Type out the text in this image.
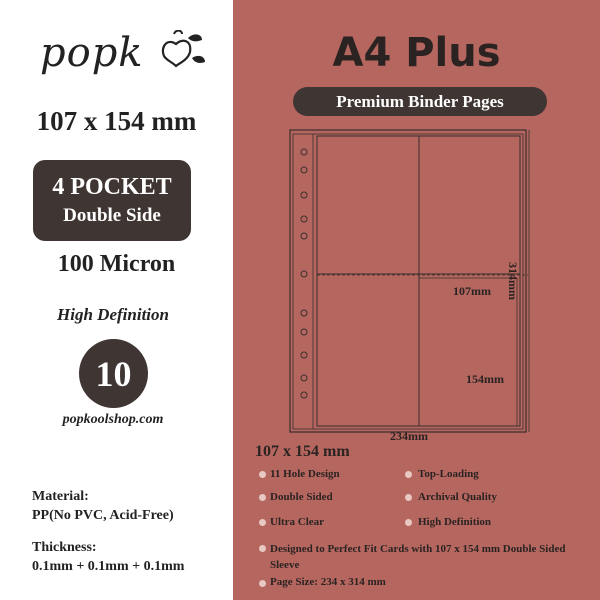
popk
107 x 154 mm
4 POCKET
Double Side
100 Micron
High Definition
10
popkoolshop.com
Material:
PP(No PVC, Acid-Free)
Thickness:
0.1mm + 0.1mm + 0.1mm
A4 Plus
Premium Binder Pages
314mm
107mm
154mm
234mm
107 x 154 mm
11 Hole Design	Top-Loading
Double Sided	Archival Quality
Ultra Clear	High Definition
Designed to Perfect Fit Cards with 107 x 154 mm Double Sided Sleeve
Page Size: 234 x 314 mm
